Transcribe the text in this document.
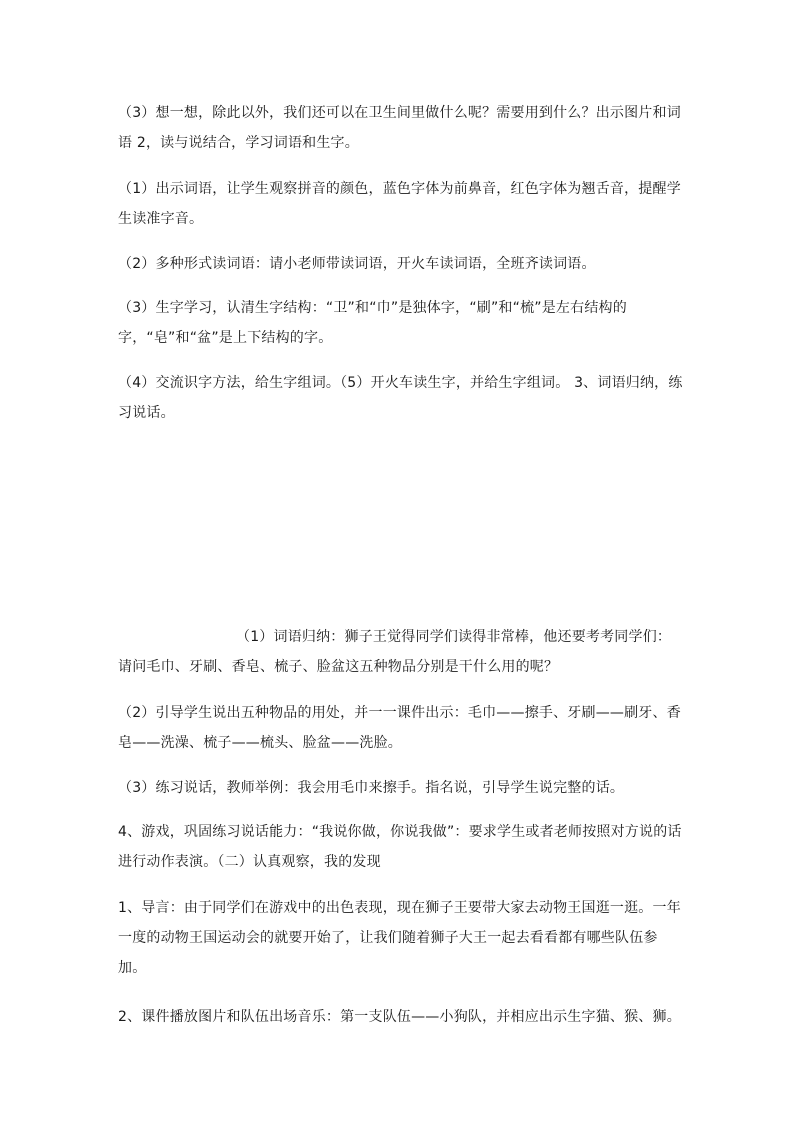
（3）想一想，除此以外，我们还可以在卫生间里做什么呢？需要用到什么？出示图片和词语 2，读与说结合，学习词语和生字。

（1）出示词语，让学生观察拼音的颜色，蓝色字体为前鼻音，红色字体为翘舌音，提醒学生读准字音。

（2）多种形式读词语：请小老师带读词语，开火车读词语，全班齐读词语。

（3）生字学习，认清生字结构：“卫”和“巾”是独体字，“刷”和“梳”是左右结构的字，“皂”和“盆”是上下结构的字。

（4）交流识字方法，给生字组词。（5）开火车读生字，并给生字组词。 3、词语归纳，练习说话。

（1）词语归纳：狮子王觉得同学们读得非常棒，他还要考考同学们：请问毛巾、牙刷、香皂、梳子、脸盆这五种物品分别是干什么用的呢？

（2）引导学生说出五种物品的用处，并一一课件出示：毛巾——擦手、牙刷——刷牙、香皂——洗澡、梳子——梳头、脸盆——洗脸。

（3）练习说话，教师举例：我会用毛巾来擦手。指名说，引导学生说完整的话。

4、游戏，巩固练习说话能力：“我说你做，你说我做”：要求学生或者老师按照对方说的话进行动作表演。（二）认真观察，我的发现

1、导言：由于同学们在游戏中的出色表现，现在狮子王要带大家去动物王国逛一逛。一年一度的动物王国运动会的就要开始了，让我们随着狮子大王一起去看看都有哪些队伍参加。

2、课件播放图片和队伍出场音乐：第一支队伍——小狗队，并相应出示生字猫、猴、狮。
